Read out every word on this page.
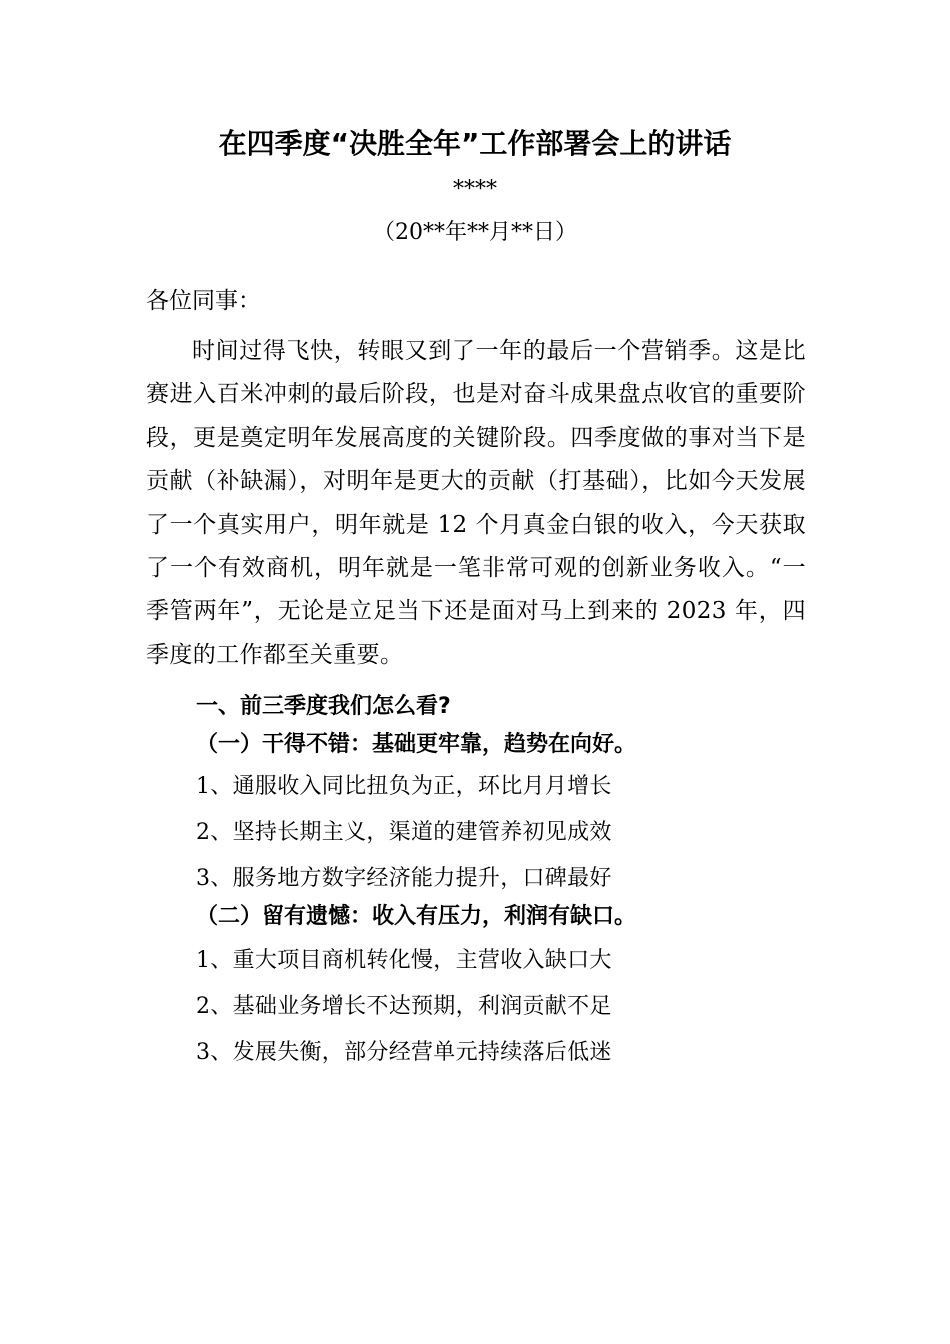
在四季度“决胜全年”工作部署会上的讲话
****
（20**年**月**日）
各位同事：
时间过得飞快，转眼又到了一年的最后一个营销季。这是比赛进入百米冲刺的最后阶段，也是对奋斗成果盘点收官的重要阶段，更是奠定明年发展高度的关键阶段。四季度做的事对当下是贡献（补缺漏），对明年是更大的贡献（打基础），比如今天发展了一个真实用户，明年就是 12 个月真金白银的收入，今天获取了一个有效商机，明年就是一笔非常可观的创新业务收入。“一季管两年”，无论是立足当下还是面对马上到来的 2023 年，四季度的工作都至关重要。
一、前三季度我们怎么看?
（一）干得不错：基础更牢靠，趋势在向好。
1、通服收入同比扭负为正，环比月月增长
2、坚持长期主义，渠道的建管养初见成效
3、服务地方数字经济能力提升，口碑最好
（二）留有遗憾：收入有压力，利润有缺口。
1、重大项目商机转化慢，主营收入缺口大
2、基础业务增长不达预期，利润贡献不足
3、发展失衡，部分经营单元持续落后低迷
